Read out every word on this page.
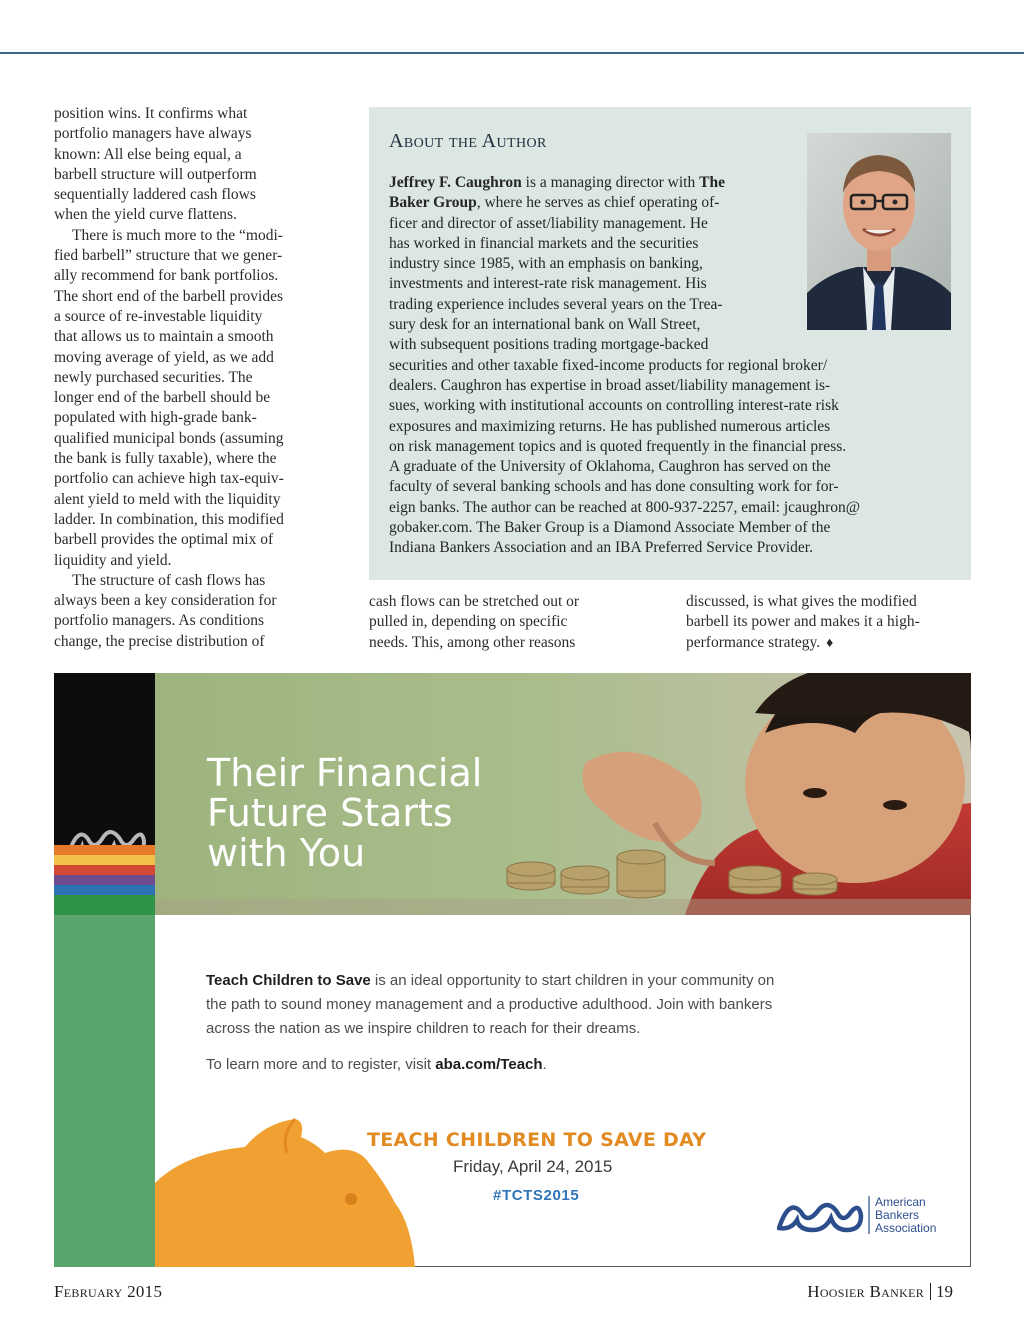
position wins. It confirms what
portfolio managers have always
known: All else being equal, a
barbell structure will outperform
sequentially laddered cash flows
when the yield curve flattens.

There is much more to the “modi-
fied barbell” structure that we gener-
ally recommend for bank portfolios.
The short end of the barbell provides
a source of re-investable liquidity
that allows us to maintain a smooth
moving average of yield, as we add
newly purchased securities. The
longer end of the barbell should be
populated with high-grade bank-
qualified municipal bonds (assuming
the bank is fully taxable), where the
portfolio can achieve high tax-equiv-
alent yield to meld with the liquidity
ladder. In combination, this modified
barbell provides the optimal mix of
liquidity and yield.

The structure of cash flows has
always been a key consideration for
portfolio managers. As conditions
change, the precise distribution of

About the Author
Jeffrey F. Caughron is a managing director with The
Baker Group, where he serves as chief operating of-
ficer and director of asset/liability management. He
has worked in financial markets and the securities
industry since 1985, with an emphasis on banking,
investments and interest-rate risk management. His
trading experience includes several years on the Trea-
sury desk for an international bank on Wall Street,
with subsequent positions trading mortgage-backed
securities and other taxable fixed-income products for regional broker/
dealers. Caughron has expertise in broad asset/liability management is-
sues, working with institutional accounts on controlling interest-rate risk
exposures and maximizing returns. He has published numerous articles
on risk management topics and is quoted frequently in the financial press.
A graduate of the University of Oklahoma, Caughron has served on the
faculty of several banking schools and has done consulting work for for-
eign banks. The author can be reached at 800-937-2257, email: jcaughron@
gobaker.com. The Baker Group is a Diamond Associate Member of the
Indiana Bankers Association and an IBA Preferred Service Provider.
cash flows can be stretched out or
pulled in, depending on specific
needs. This, among other reasons
discussed, is what gives the modified
barbell its power and makes it a high-
performance strategy. ♦
Their Financial
Future Starts
with You

Teach Children to Save is an ideal opportunity to start children in your community on
the path to sound money management and a productive adulthood. Join with bankers
across the nation as we inspire children to reach for their dreams.

To learn more and to register, visit aba.com/Teach.

TEACH CHILDREN TO SAVE DAY
Friday, April 24, 2015
#TCTS2015	American
Bankers
Association
February 2015	Hoosier Banker 19
